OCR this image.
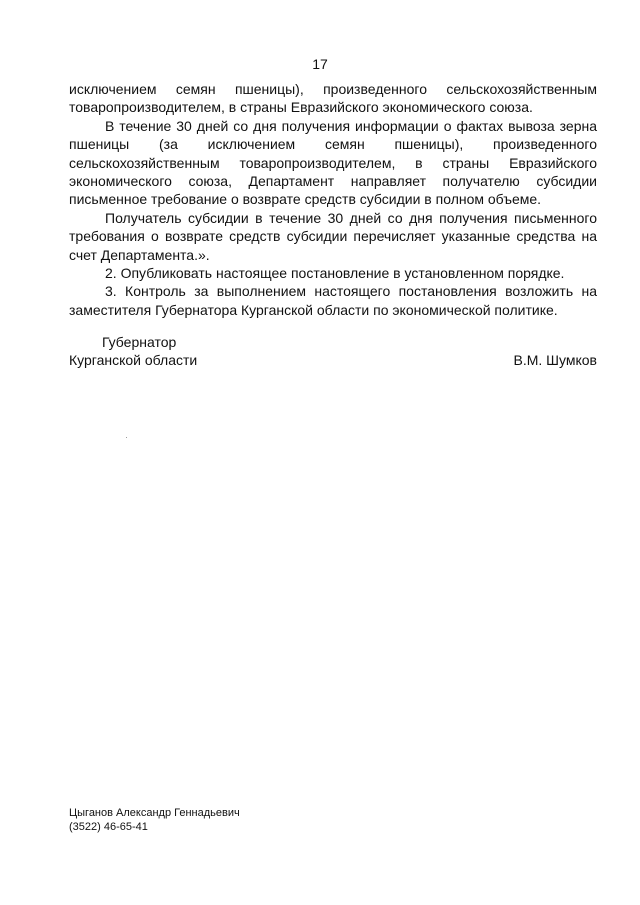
17

исключением семян пшеницы), произведенного сельскохозяйственным товаропроизводителем, в страны Евразийского экономического союза.

В течение 30 дней со дня получения информации о фактах вывоза зерна пшеницы (за исключением семян пшеницы), произведенного сельскохозяйственным товаропроизводителем, в страны Евразийского экономического союза, Департамент направляет получателю субсидии письменное требование о возврате средств субсидии в полном объеме.

Получатель субсидии в течение 30 дней со дня получения письменного требования о возврате средств субсидии перечисляет указанные средства на счет Департамента.».

2. Опубликовать настоящее постановление в установленном порядке.

3. Контроль за выполнением настоящего постановления возложить на заместителя Губернатора Курганской области по экономической политике.

Губернатор
Курганской области	В.М. Шумков
Цыганов Александр Геннадьевич
(3522) 46-65-41
